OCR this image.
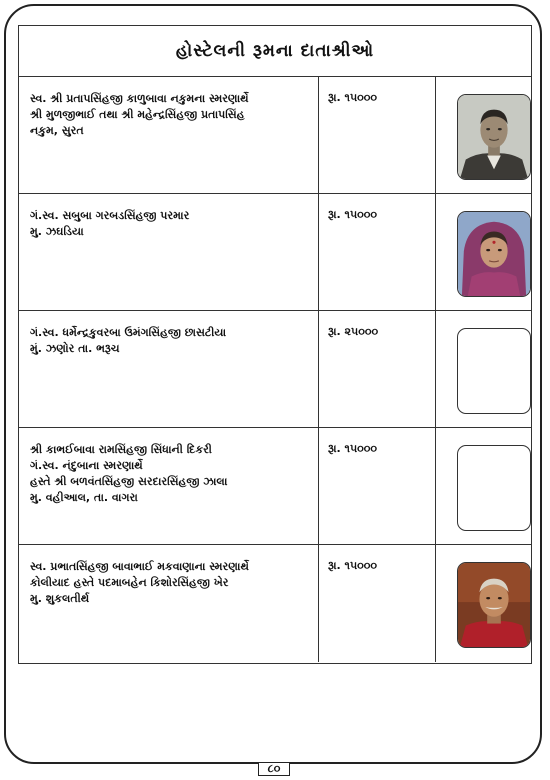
હોસ્ટેલની રૂમના દાતાશ્રીઓ
સ્વ. શ્રી પ્રતાપસિંહજી કાળુબાવા નકુમના સ્મરણાર્થે
શ્રી મુળજીભાઈ તથા શ્રી મહેન્દ્રસિંહજી પ્રતાપસિંહ
નકુમ, સુરત
રૂા. ૧૫૦૦૦
ગં.સ્વ. સબુબા ગરબડસિંહજી પરમાર
મુ. ઝઘડિયા
રૂા. ૧૫૦૦૦
ગં.સ્વ. ધર્મેન્દ્રકુવરબા ઉમંગસિંહજી છાસટીયા
મું. ઝણોર તા. ભરૂચ
રૂા. ૨૫૦૦૦
શ્રી કાભઈબાવા રામસિંહજી સિંધાની દિકરી
ગં.સ્વ. નંદુબાના સ્મરણાર્થે
હસ્તે શ્રી બળવંતસિંહજી સરદારસિંહજી ઝાલા
મુ. વહીઆલ, તા. વાગરા
રૂા. ૧૫૦૦૦
સ્વ. પ્રભાતસિંહજી બાવાભાઈ મકવાણાના સ્મરણાર્થે
કોલીયાદ હસ્તે પદમાબહેન કિશોરસિંહજી ખેર
મુ. શુકલતીર્થ
રૂા. ૧૫૦૦૦
૮૦
